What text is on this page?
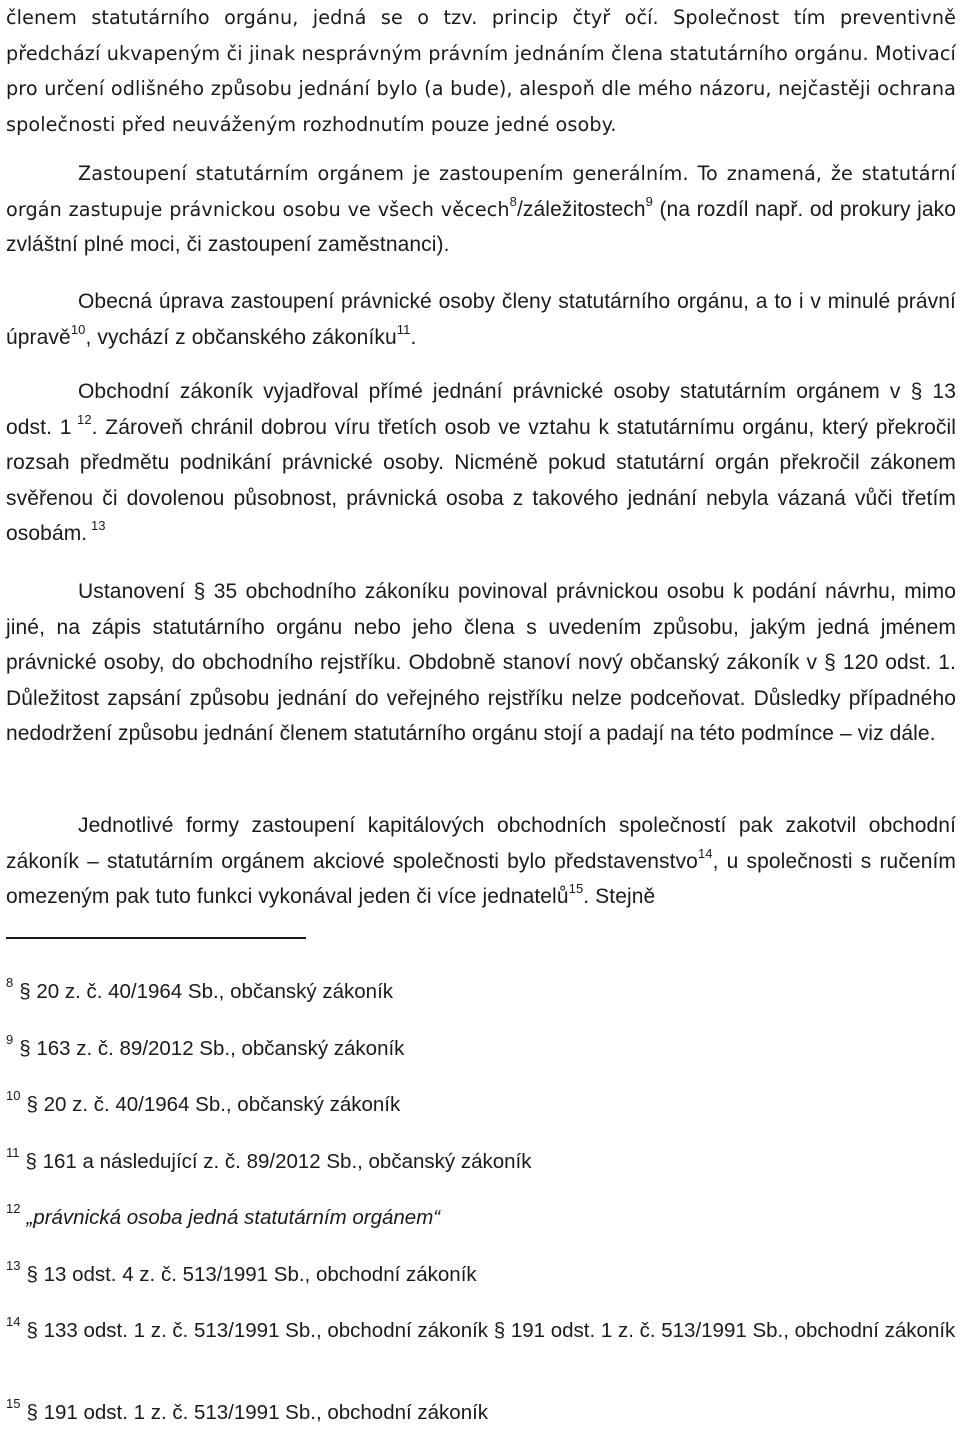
členem statutárního orgánu, jedná se o tzv. princip čtyř očí. Společnost tím preventivně předchází ukvapeným či jinak nesprávným právním jednáním člena statutárního orgánu. Motivací pro určení odlišného způsobu jednání bylo (a bude), alespoň dle mého názoru, nejčastěji ochrana společnosti před neuváženým rozhodnutím pouze jedné osoby.

Zastoupení statutárním orgánem je zastoupením generálním. To znamená, že statutární orgán zastupuje právnickou osobu ve všech věcech$^8$/záležitostech$^9$ (na rozdíl např. od prokury jako zvláštní plné moci, či zastoupení zaměstnanci).

Obecná úprava zastoupení právnické osoby členy statutárního orgánu, a to i v minulé právní úpravě$^{10}$, vychází z občanského zákoníku$^{11}$.

Obchodní zákoník vyjadřoval přímé jednání právnické osoby statutárním orgánem v § 13 odst. 1 $^{12}$. Zároveň chránil dobrou víru třetích osob ve vztahu k statutárnímu orgánu, který překročil rozsah předmětu podnikání právnické osoby. Nicméně pokud statutární orgán překročil zákonem svěřenou či dovolenou působnost, právnická osoba z takového jednání nebyla vázaná vůči třetím osobám. $^{13}$

Ustanovení § 35 obchodního zákoníku povinoval právnickou osobu k podání návrhu, mimo jiné, na zápis statutárního orgánu nebo jeho člena s uvedením způsobu, jakým jedná jménem právnické osoby, do obchodního rejstříku. Obdobně stanoví nový občanský zákoník v § 120 odst. 1. Důležitost zapsání způsobu jednání do veřejného rejstříku nelze podceňovat. Důsledky případného nedodržení způsobu jednání členem statutárního orgánu stojí a padají na této podmínce – viz dále.

Jednotlivé formy zastoupení kapitálových obchodních společností pak zakotvil obchodní zákoník – statutárním orgánem akciové společnosti bylo představenstvo$^{14}$, u společnosti s ručením omezeným pak tuto funkci vykonával jeden či více jednatelů$^{15}$. Stejně

$^8$ § 20 z. č. 40/1964 Sb., občanský zákoník

$^9$ § 163 z. č. 89/2012 Sb., občanský zákoník

$^{10}$ § 20 z. č. 40/1964 Sb., občanský zákoník

$^{11}$ § 161 a následující z. č. 89/2012 Sb., občanský zákoník

$^{12}$ „právnická osoba jedná statutárním orgánem“

$^{13}$ § 13 odst. 4 z. č. 513/1991 Sb., obchodní zákoník

$^{14}$ § 133 odst. 1 z. č. 513/1991 Sb., obchodní zákoník § 191 odst. 1 z. č. 513/1991 Sb., obchodní zákoník

$^{15}$ § 191 odst. 1 z. č. 513/1991 Sb., obchodní zákoník
